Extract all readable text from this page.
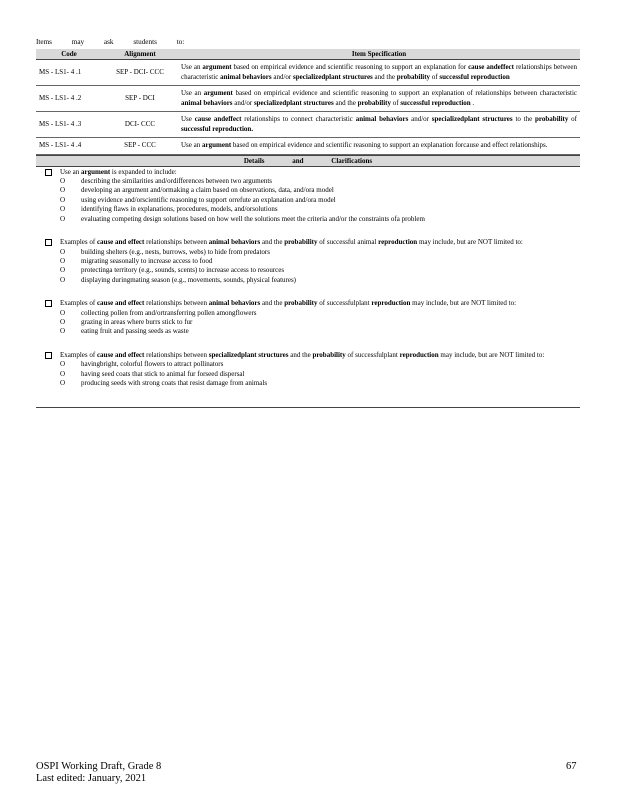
Items may ask students to:
Code	Alignment	Item Specification
MS - LS1- 4 .1	SEP - DCI- CCC	Use an argument based on empirical evidence and scientific reasoning to support an explanation for cause andeffect relationships between characteristic animal behaviors and/or specializedplant structures and the probability of successful reproduction

MS - LS1- 4 .2	SEP - DCI	Use an argument based on empirical evidence and scientific reasoning to support an explanation of relationships between characteristic animal behaviors and/or specializedplant structures and the probability of successful reproduction .

MS - LS1- 4 .3	DCI- CCC	Use cause andeffect relationships to connect characteristic animal behaviors and/or specializedplant structures to the probability of successful reproduction.

MS - LS1- 4 .4	SEP - CCC	Use an argument based on empirical evidence and scientific reasoning to support an explanation forcause and effect relationships.

Details and Clarifications
Use an argument is expanded to include:
O describing the similarities and/ordifferences between two arguments
O developing an argument and/ormaking a claim based on observations, data, and/ora model
O using evidence and/orscientific reasoning to support orrefute an explanation and/ora model
O identifying flaws in explanations, procedures, models, and/orsolutions
O evaluating competing design solutions based on how well the solutions meet the criteria and/or the constraints ofa problem
Examples of cause and effect relationships between animal behaviors and the probability of successful animal reproduction may include, but are NOT limited to:
O building shelters (e.g., nests, burrows, webs) to hide from predators
O migrating seasonally to increase access to food
O protectinga territory (e.g., sounds, scents) to increase access to resources
O displaying duringmating season (e.g., movements, sounds, physical features)
Examples of cause and effect relationships between animal behaviors and the probability of successfulplant reproduction may include, but are NOT limited to:
O collecting pollen from and/ortransferring pollen amongflowers
O grazing in areas where burrs stick to fur
O eating fruit and passing seeds as waste
Examples of cause and effect relationships between specializedplant structures and the probability of successfulplant reproduction may include, but are NOT limited to:
O havingbright, colorful flowers to attract pollinators
O having seed coats that stick to animal fur forseed dispersal
O producing seeds with strong coats that resist damage from animals
OSPI Working Draft, Grade 8
Last edited: January, 2021
67
